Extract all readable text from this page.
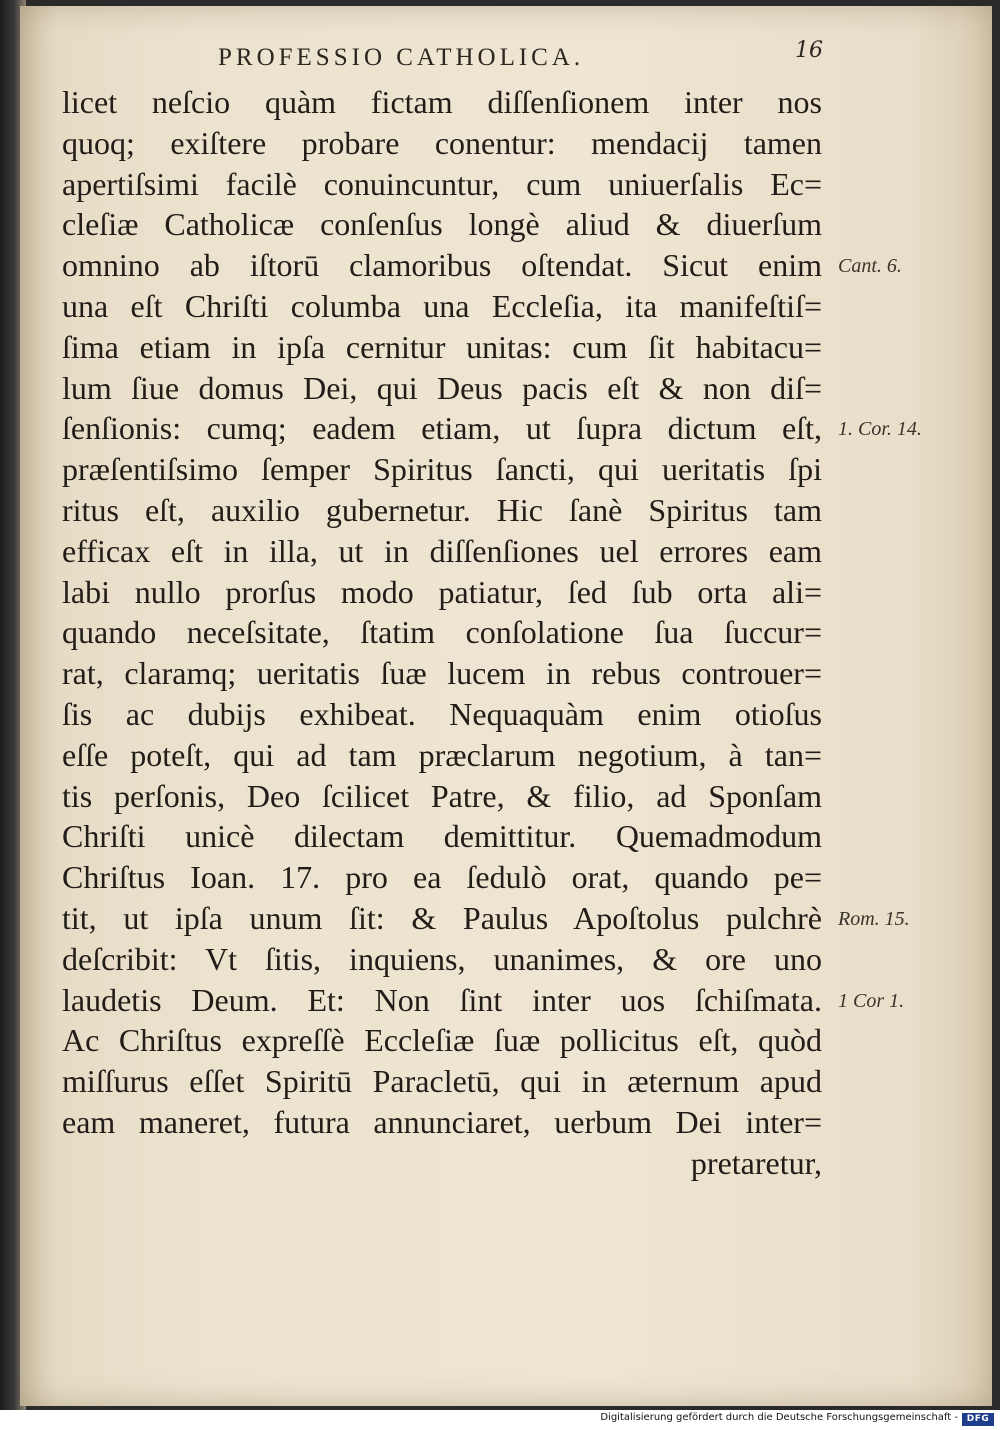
PROFESSIO CATHOLICA.	16
licet neſcio quàm fictam diſſenſionem inter nos
quoq; exiſtere probare conentur: mendacij tamen
apertiſsimi facilè conuincuntur, cum uniuerſalis Ec=
cleſiæ Catholicæ conſenſus longè aliud & diuerſum
omnino ab iſtorū clamoribus oſtendat. Sicut enim
una eſt Chriſti columba una Eccleſia, ita manifeſtiſ=
ſima etiam in ipſa cernitur unitas: cum ſit habitacu=
lum ſiue domus Dei, qui Deus pacis eſt & non diſ=
ſenſionis: cumq; eadem etiam, ut ſupra dictum eſt,
præſentiſsimo ſemper Spiritus ſancti, qui ueritatis ſpi
ritus eſt, auxilio gubernetur. Hic ſanè Spiritus tam
efficax eſt in illa, ut in diſſenſiones uel errores eam
labi nullo prorſus modo patiatur, ſed ſub orta ali=
quando neceſsitate, ſtatim conſolatione ſua ſuccur=
rat, claramq; ueritatis ſuæ lucem in rebus controuer=
ſis ac dubijs exhibeat. Nequaquàm enim otioſus
eſſe poteſt, qui ad tam præclarum negotium, à tan=
tis perſonis, Deo ſcilicet Patre, & filio, ad Sponſam
Chriſti unicè dilectam demittitur. Quemadmodum
Chriſtus Ioan. 17. pro ea ſedulò orat, quando pe=
tit, ut ipſa unum ſit: & Paulus Apoſtolus pulchrè
deſcribit: Vt ſitis, inquiens, unanimes, & ore uno
laudetis Deum. Et: Non ſint inter uos ſchiſmata.
Ac Chriſtus expreſſè Eccleſiæ ſuæ pollicitus eſt, quòd
miſſurus eſſet Spiritū Paracletū, qui in æternum apud
eam maneret, futura annunciaret, uerbum Dei inter=
pretaretur,
Cant. 6.
1. Cor. 14.
Rom. 15.
1 Cor 1.
Digitalisierung gefördert durch die Deutsche Forschungsgemeinschaft - DFG
